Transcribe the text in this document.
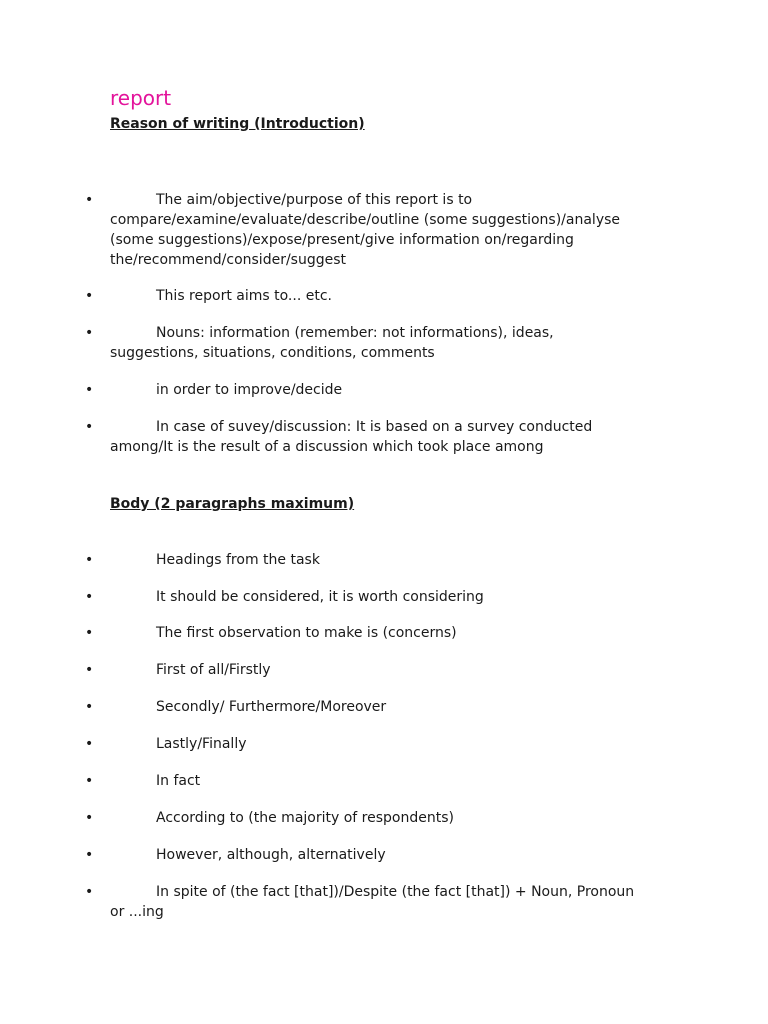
report
Reason of writing (Introduction)
•	The aim/objective/purpose of this report is to compare/examine/evaluate/describe/outline (some suggestions)/analyse (some suggestions)/expose/present/give information on/regarding the/recommend/consider/suggest
•	This report aims to... etc.
•	Nouns: information (remember: not informations), ideas, suggestions, situations, conditions, comments
•	in order to improve/decide
•	In case of suvey/discussion: It is based on a survey conducted among/It is the result of a discussion which took place among
Body (2 paragraphs maximum)
•	Headings from the task
•	It should be considered, it is worth considering
•	The first observation to make is (concerns)
•	First of all/Firstly
•	Secondly/ Furthermore/Moreover
•	Lastly/Finally
•	In fact
•	According to (the majority of respondents)
•	However, although, alternatively
•	In spite of (the fact [that])/Despite (the fact [that]) + Noun, Pronoun or ...ing
